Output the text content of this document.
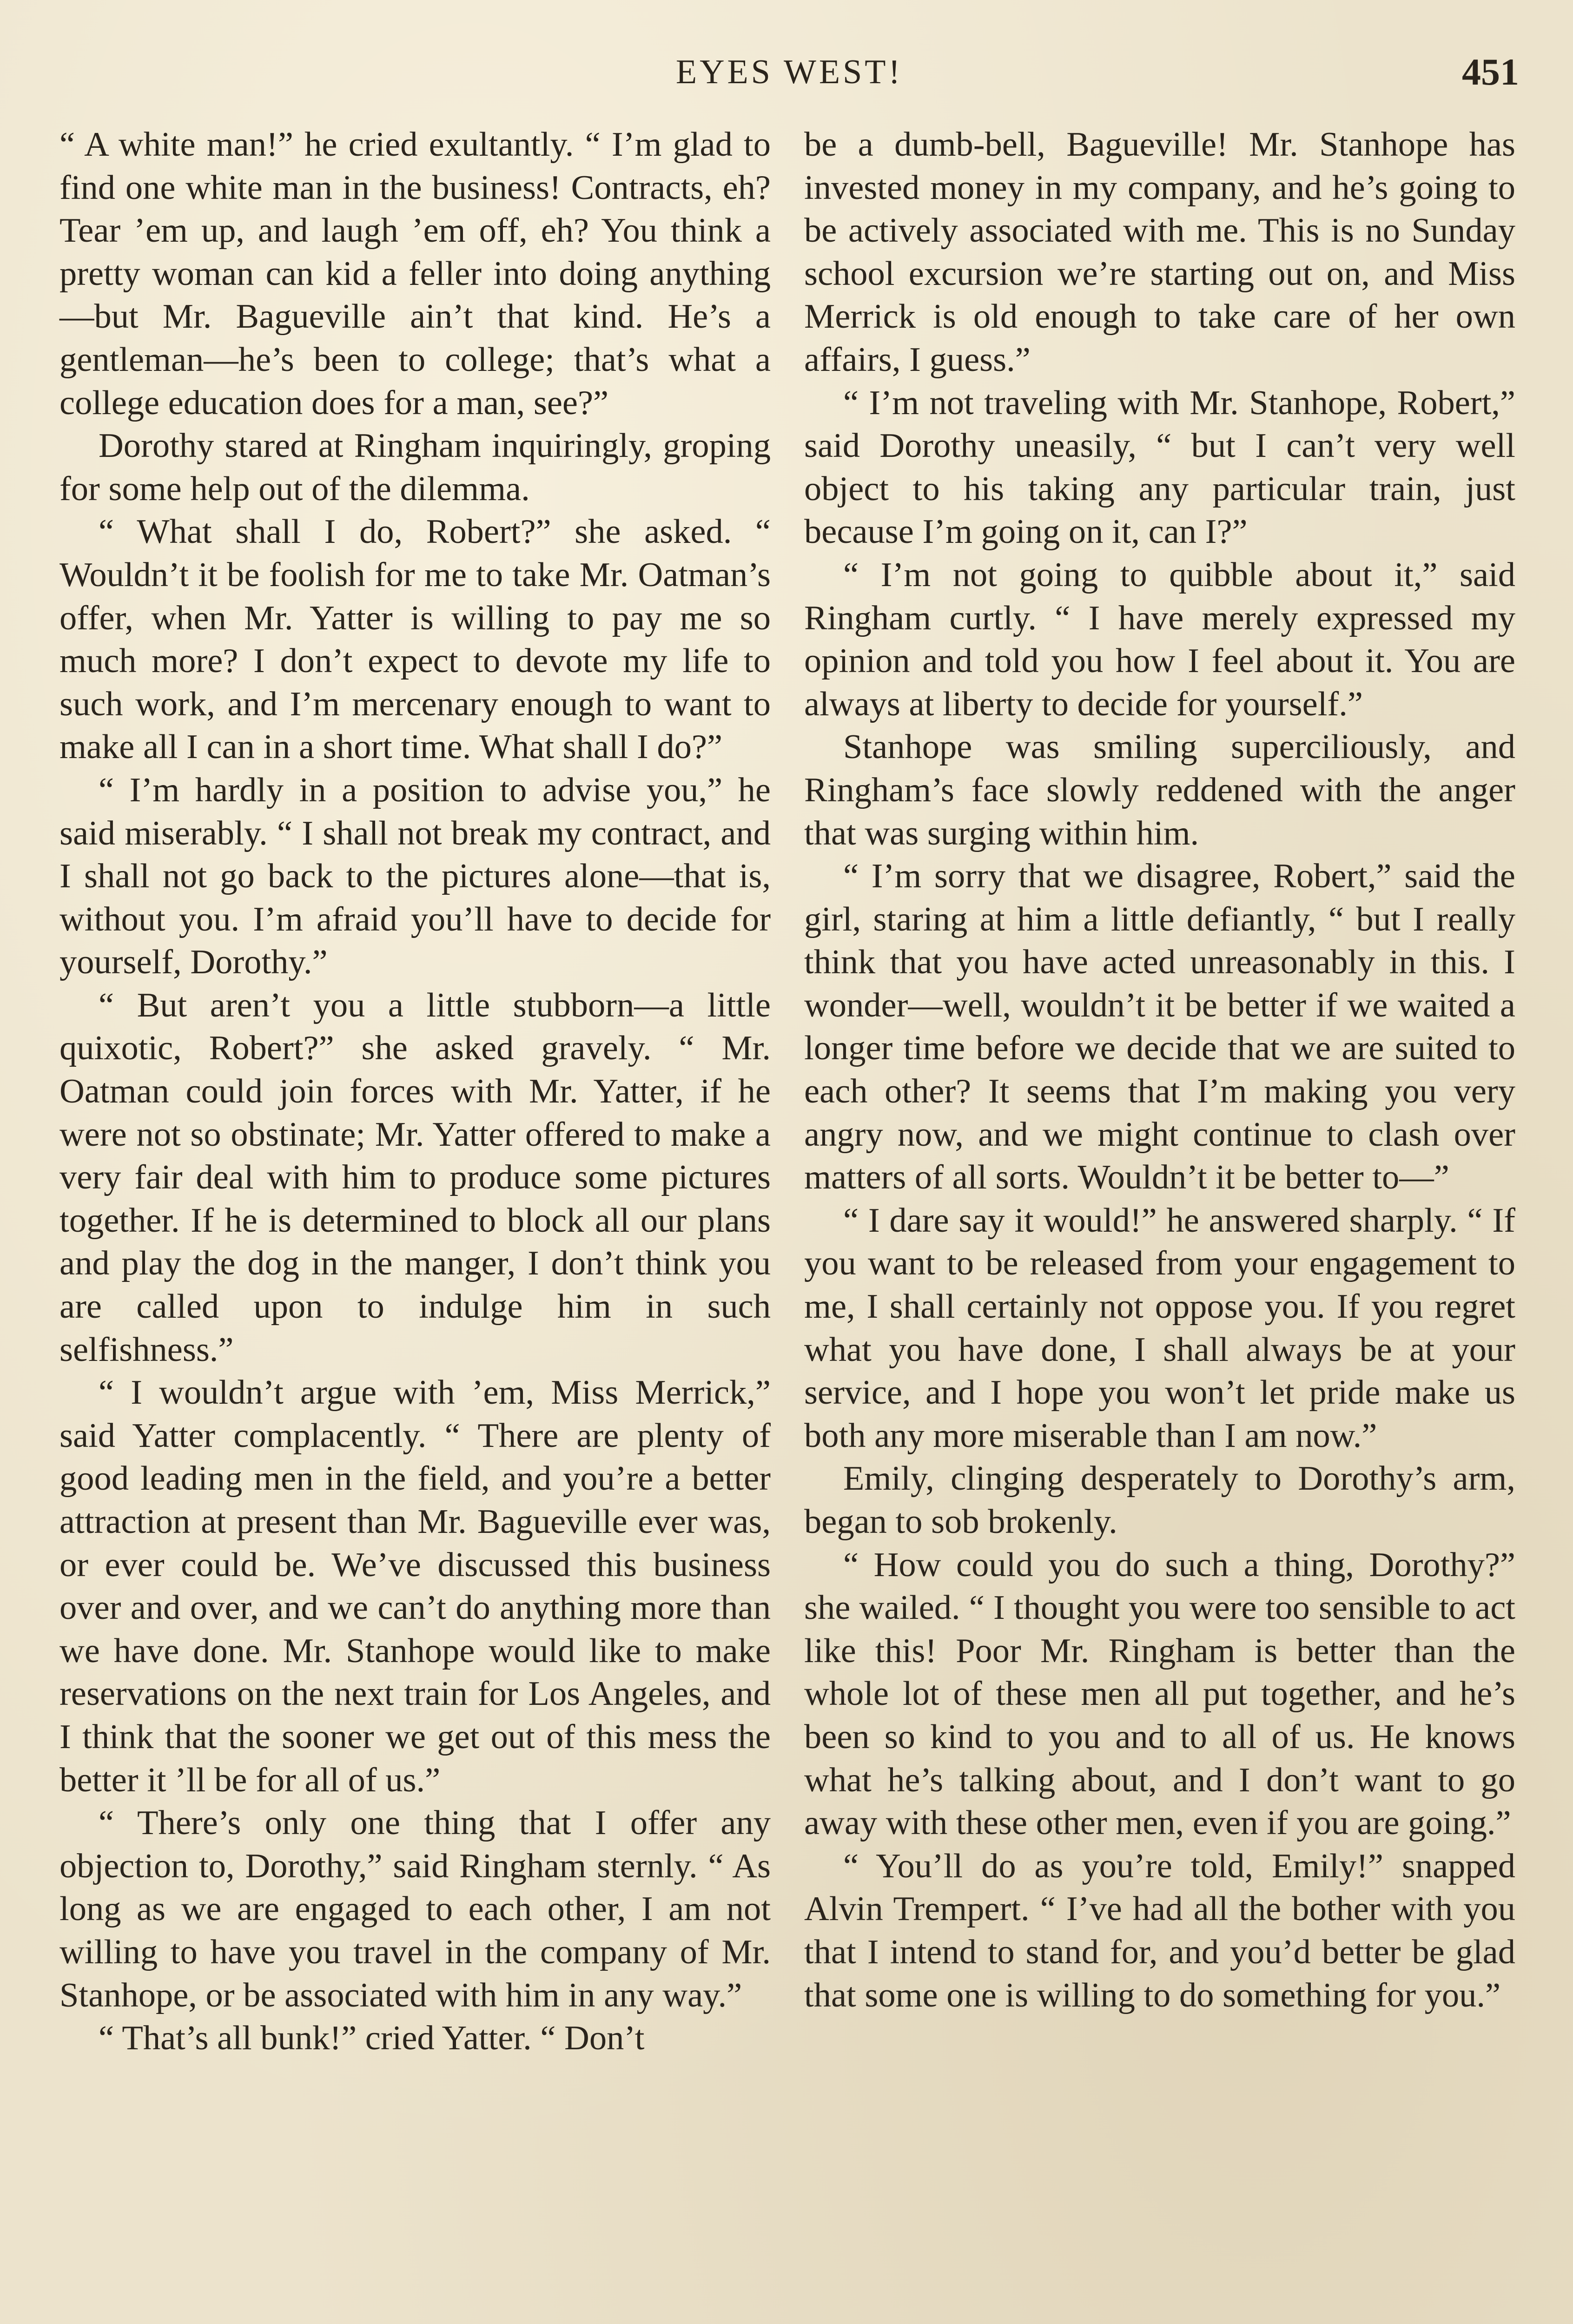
EYES WEST!	451

“ A white man!” he cried exultantly. “ I’m glad to find one white man in the business! Contracts, eh? Tear ’em up, and laugh ’em off, eh? You think a pretty woman can kid a feller into doing anything—but Mr. Bagueville ain’t that kind. He’s a gentleman—he’s been to college; that’s what a college education does for a man, see?”

Dorothy stared at Ringham inquiringly, groping for some help out of the dilemma.

“ What shall I do, Robert?” she asked. “ Wouldn’t it be foolish for me to take Mr. Oatman’s offer, when Mr. Yatter is willing to pay me so much more? I don’t expect to devote my life to such work, and I’m mercenary enough to want to make all I can in a short time. What shall I do?”

“ I’m hardly in a position to advise you,” he said miserably. “ I shall not break my contract, and I shall not go back to the pictures alone—that is, without you. I’m afraid you’ll have to decide for yourself, Dorothy.”

“ But aren’t you a little stubborn—a little quixotic, Robert?” she asked gravely. “ Mr. Oatman could join forces with Mr. Yatter, if he were not so obstinate; Mr. Yatter offered to make a very fair deal with him to produce some pictures together. If he is determined to block all our plans and play the dog in the manger, I don’t think you are called upon to indulge him in such selfishness.”

“ I wouldn’t argue with ’em, Miss Merrick,” said Yatter complacently. “ There are plenty of good leading men in the field, and you’re a better attraction at present than Mr. Bagueville ever was, or ever could be. We’ve discussed this business over and over, and we can’t do anything more than we have done. Mr. Stanhope would like to make reservations on the next train for Los Angeles, and I think that the sooner we get out of this mess the better it ’ll be for all of us.”

“ There’s only one thing that I offer any objection to, Dorothy,” said Ringham sternly. “ As long as we are engaged to each other, I am not willing to have you travel in the company of Mr. Stanhope, or be associated with him in any way.”

“ That’s all bunk!” cried Yatter. “ Don’t

be a dumb-bell, Bagueville! Mr. Stanhope has invested money in my company, and he’s going to be actively associated with me. This is no Sunday school excursion we’re starting out on, and Miss Merrick is old enough to take care of her own affairs, I guess.”

“ I’m not traveling with Mr. Stanhope, Robert,” said Dorothy uneasily, “ but I can’t very well object to his taking any particular train, just because I’m going on it, can I?”

“ I’m not going to quibble about it,” said Ringham curtly. “ I have merely expressed my opinion and told you how I feel about it. You are always at liberty to decide for yourself.”

Stanhope was smiling superciliously, and Ringham’s face slowly reddened with the anger that was surging within him.

“ I’m sorry that we disagree, Robert,” said the girl, staring at him a little defiantly, “ but I really think that you have acted unreasonably in this. I wonder—well, wouldn’t it be better if we waited a longer time before we decide that we are suited to each other? It seems that I’m making you very angry now, and we might continue to clash over matters of all sorts. Wouldn’t it be better to—”

“ I dare say it would!” he answered sharply. “ If you want to be released from your engagement to me, I shall certainly not oppose you. If you regret what you have done, I shall always be at your service, and I hope you won’t let pride make us both any more miserable than I am now.”

Emily, clinging desperately to Dorothy’s arm, began to sob brokenly.

“ How could you do such a thing, Dorothy?” she wailed. “ I thought you were too sensible to act like this! Poor Mr. Ringham is better than the whole lot of these men all put together, and he’s been so kind to you and to all of us. He knows what he’s talking about, and I don’t want to go away with these other men, even if you are going.”

“ You’ll do as you’re told, Emily!” snapped Alvin Trempert. “ I’ve had all the bother with you that I intend to stand for, and you’d better be glad that some one is willing to do something for you.”
